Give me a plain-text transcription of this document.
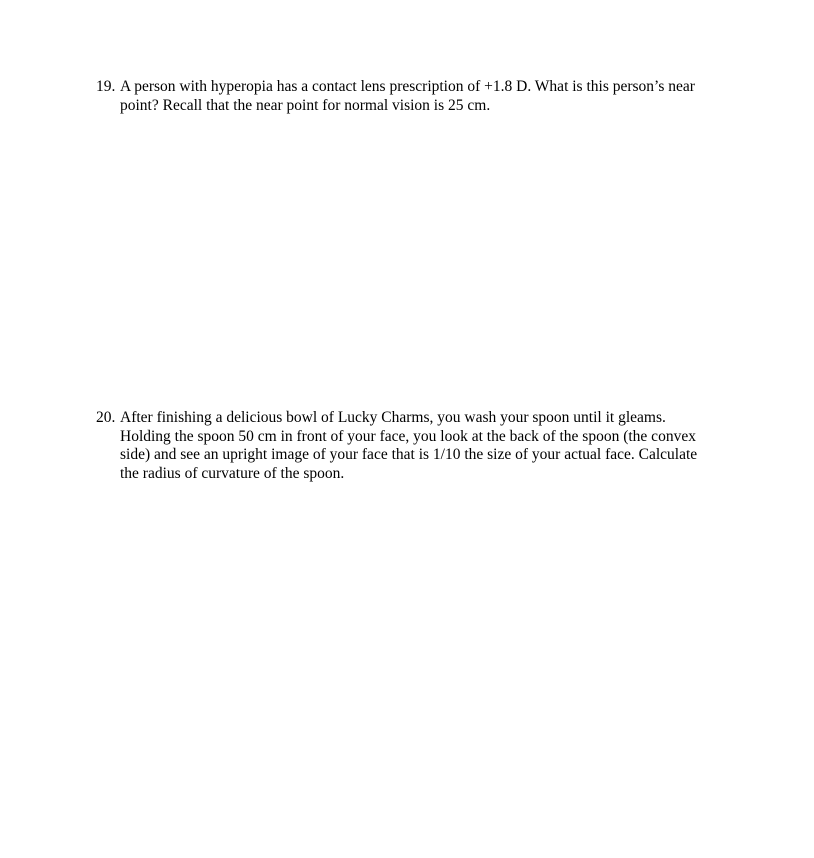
19. A person with hyperopia has a contact lens prescription of +1.8 D. What is this person’s near
point? Recall that the near point for normal vision is 25 cm.

20. After finishing a delicious bowl of Lucky Charms, you wash your spoon until it gleams.
Holding the spoon 50 cm in front of your face, you look at the back of the spoon (the convex
side) and see an upright image of your face that is 1/10 the size of your actual face. Calculate
the radius of curvature of the spoon.
